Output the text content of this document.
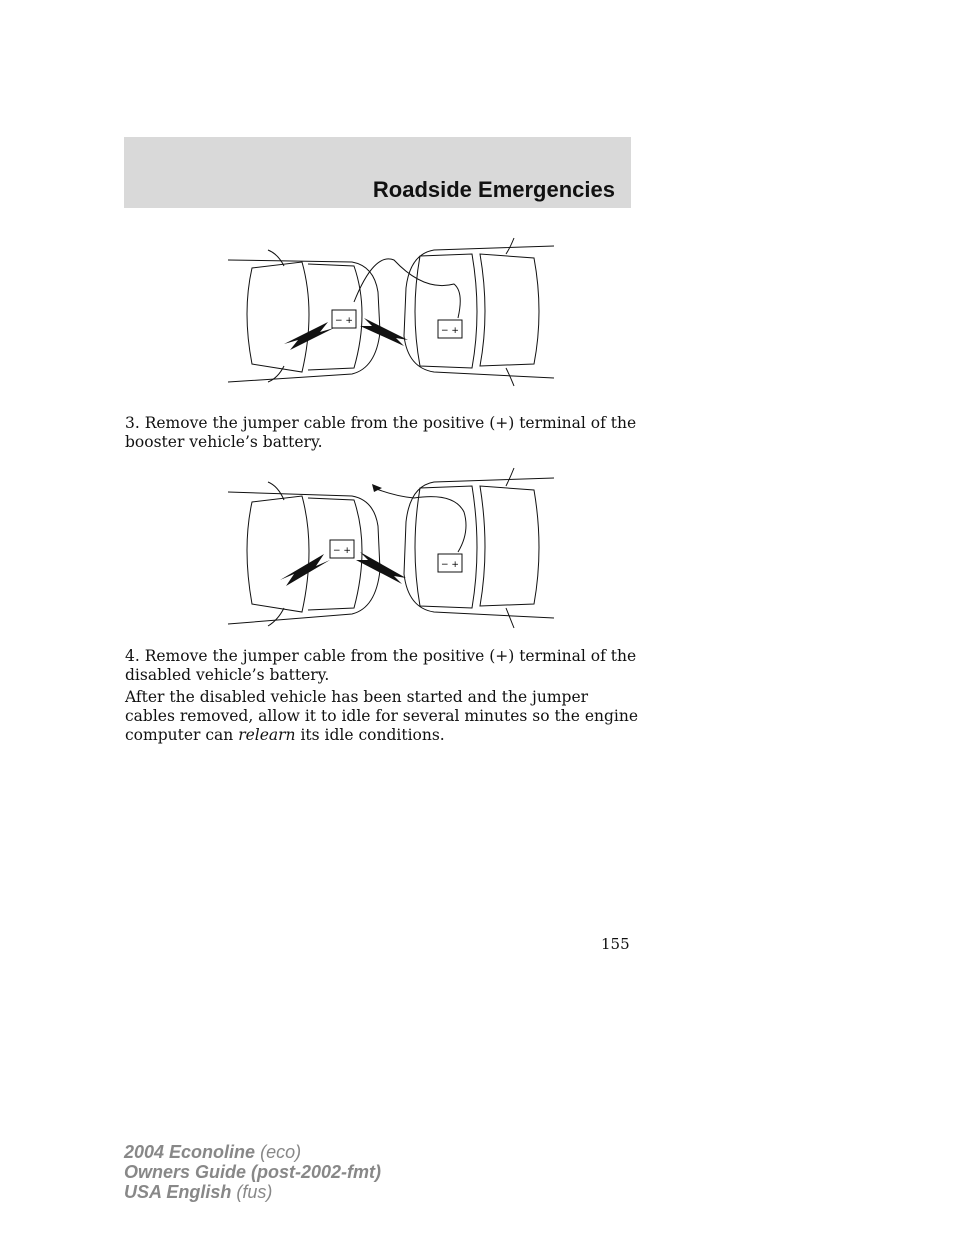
Roadside Emergencies
− +
− +

3. Remove the jumper cable from the positive (+) terminal of the booster vehicle’s battery.

− +
− +

4. Remove the jumper cable from the positive (+) terminal of the disabled vehicle’s battery.

After the disabled vehicle has been started and the jumper cables removed, allow it to idle for several minutes so the engine computer can relearn its idle conditions.

155
2004 Econoline (eco)
Owners Guide (post-2002-fmt)
USA English (fus)
